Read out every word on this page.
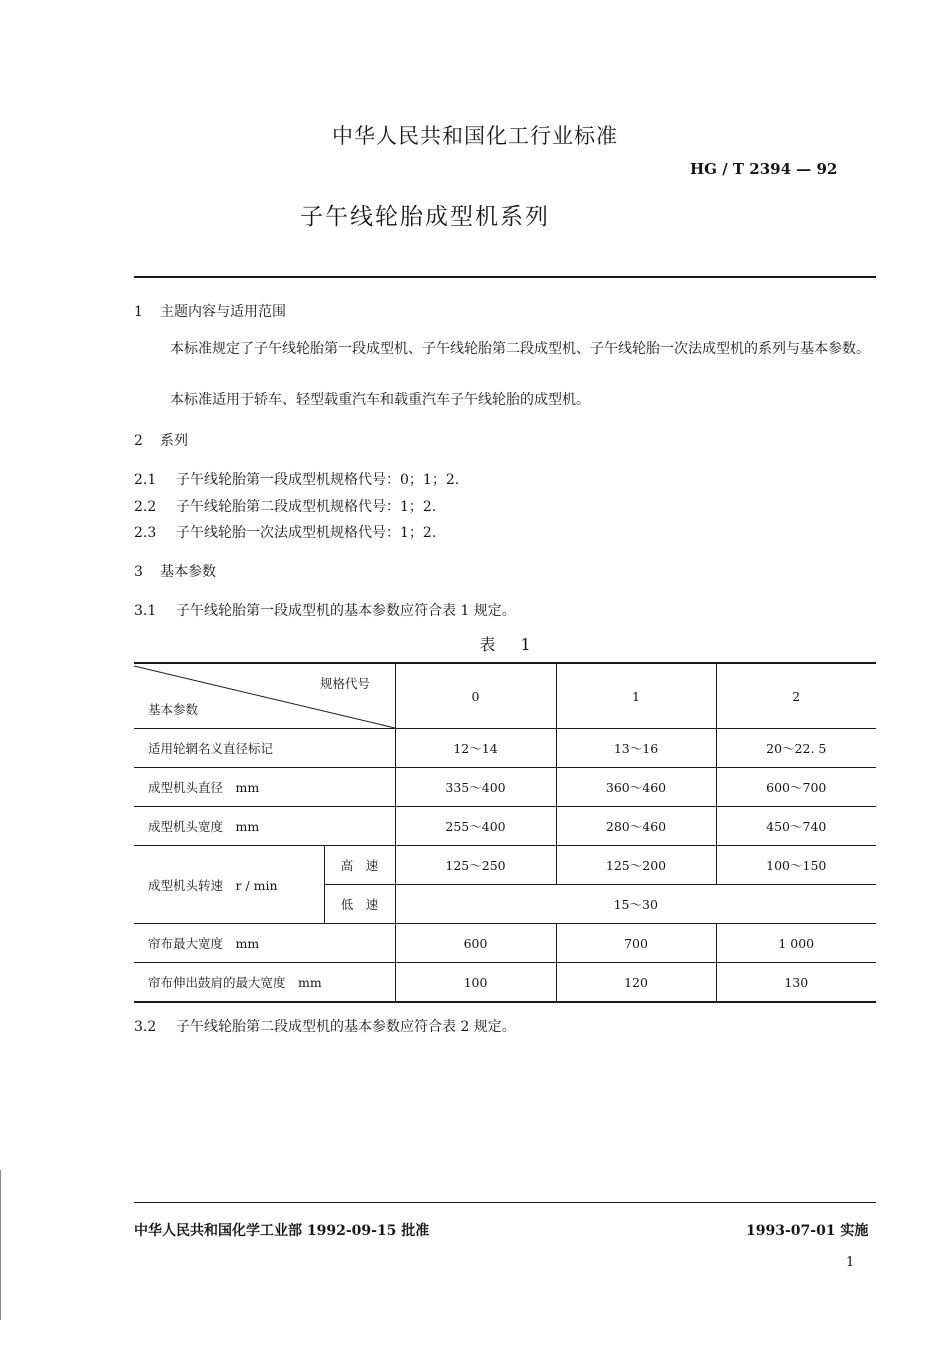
中华人民共和国化工行业标准
HG / T 2394 — 92
子午线轮胎成型机系列
1 主题内容与适用范围
本标准规定了子午线轮胎第一段成型机、子午线轮胎第二段成型机、子午线轮胎一次法成型机的系列与基本参数。
本标准适用于轿车、轻型载重汽车和载重汽车子午线轮胎的成型机。
2 系列
2.1 子午线轮胎第一段成型机规格代号：0；1；2.
2.2 子午线轮胎第二段成型机规格代号：1；2.
2.3 子午线轮胎一次法成型机规格代号：1；2.
3 基本参数
3.1 子午线轮胎第一段成型机的基本参数应符合表 1 规定。
表 1
规格代号
基本参数		0	1	2
适用轮辋名义直径标记		12～14	13～16	20～22. 5
成型机头直径　mm		335～400	360～460	600～700
成型机头宽度　mm		255～400	280～460	450～740
成型机头转速　r / min	高　速	125～250	125～200	100～150
	低　速	15～30		
帘布最大宽度　mm		600	700	1 000
帘布伸出鼓肩的最大宽度　mm		100	120	130
3.2 子午线轮胎第二段成型机的基本参数应符合表 2 规定。
中华人民共和国化学工业部 1992-09-15 批准	1993-07-01 实施
1
